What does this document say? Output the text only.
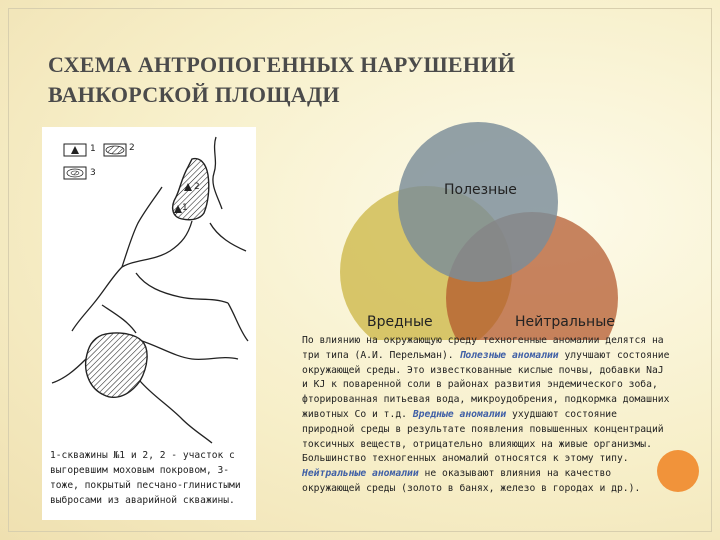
СХЕМА АНТРОПОГЕННЫХ НАРУШЕНИЙ
ВАНКОРСКОЙ ПЛОЩАДИ
1	2
3
2
1
1-скважины №1 и 2, 2 - участок с выгоревшим моховым покровом, 3- тоже, покрытый песчано-глинистыми выбросами из аварийной скважины.
Полезные
Вредные	Нейтральные

По влиянию на окружающую среду техногенные аномалии делятся на три типа (А.И. Перельман). Полезные аномалии улучшают состояние окружающей среды. Это известкованные кислые почвы, добавки NaJ и KJ к поваренной соли в районах развития эндемического зоба, фторированная питьевая вода, микроудобрения, подкормка домашних животных Co и т.д. Вредные аномалии ухудшают состояние природной среды в результате появления повышенных концентраций токсичных веществ, отрицательно влияющих на живые организмы. Большинство техногенных аномалий относятся к этому типу. Нейтральные аномалии не оказывают влияния на качество окружающей среды (золото в банях, железо в городах и др.).
